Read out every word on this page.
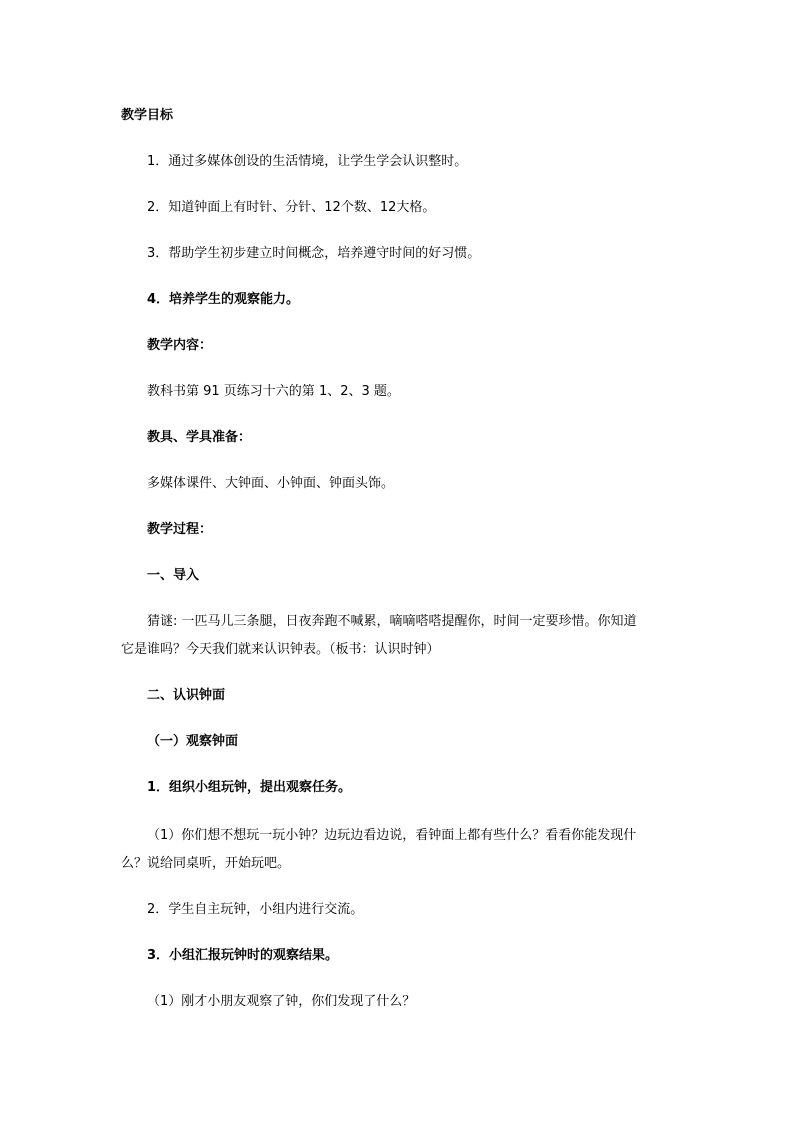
教学目标
1．通过多媒体创设的生活情境，让学生学会认识整时。
2．知道钟面上有时针、分针、12个数、12大格。
3．帮助学生初步建立时间概念，培养遵守时间的好习惯。
4．培养学生的观察能力。
教学内容：
教科书第 91 页练习十六的第 1、2、3 题。
教具、学具准备：
多媒体课件、大钟面、小钟面、钟面头饰。
教学过程：
一、导入
猜谜: 一匹马儿三条腿，日夜奔跑不喊累，嘀嘀嗒嗒提醒你，时间一定要珍惜。你知道
它是谁吗？今天我们就来认识钟表。（板书：认识时钟）
二、认识钟面
（一）观察钟面
1．组织小组玩钟，提出观察任务。
（1）你们想不想玩一玩小钟？边玩边看边说，看钟面上都有些什么？看看你能发现什
么？说给同桌听，开始玩吧。
2．学生自主玩钟，小组内进行交流。
3．小组汇报玩钟时的观察结果。
（1）刚才小朋友观察了钟，你们发现了什么？
